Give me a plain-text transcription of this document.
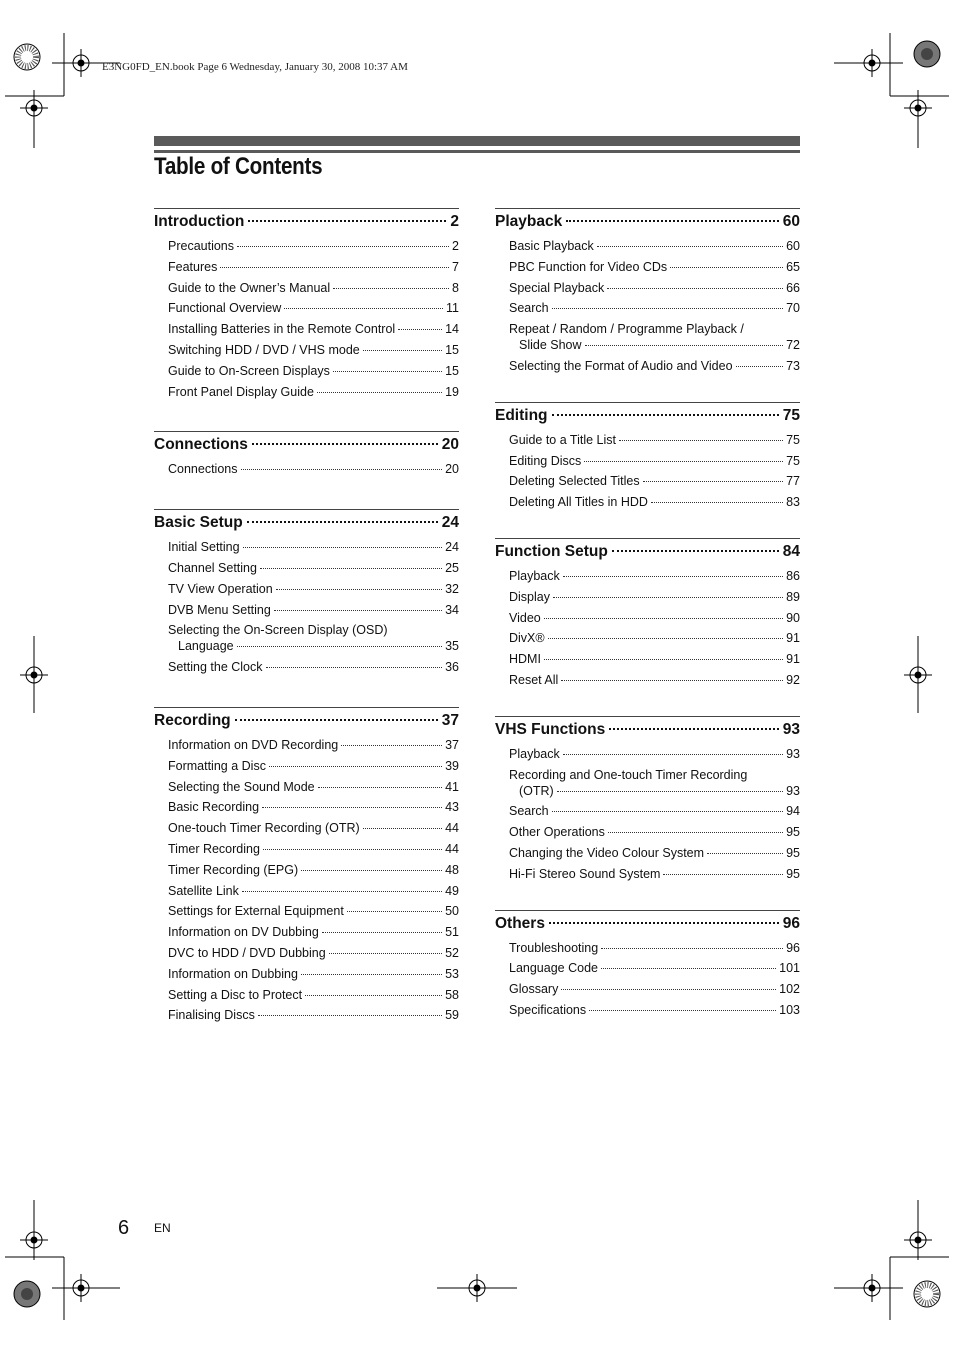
E3NG0FD_EN.book Page 6 Wednesday, January 30, 2008 10:37 AM
Table of Contents
Introduction	2
Precautions	2
Features	7
Guide to the Owner’s Manual	8
Functional Overview	11
Installing Batteries in the Remote Control	14
Switching HDD / DVD / VHS mode	15
Guide to On-Screen Displays	15
Front Panel Display Guide	19
Connections	20
Connections	20
Basic Setup	24
Initial Setting	24
Channel Setting	25
TV View Operation	32
DVB Menu Setting	34
Selecting the On-Screen Display (OSD)
Language	35
Setting the Clock	36
Recording	37
Information on DVD Recording	37
Formatting a Disc	39
Selecting the Sound Mode	41
Basic Recording	43
One-touch Timer Recording (OTR)	44
Timer Recording	44
Timer Recording (EPG)	48
Satellite Link	49
Settings for External Equipment	50
Information on DV Dubbing	51
DVC to HDD / DVD Dubbing	52
Information on Dubbing	53
Setting a Disc to Protect	58
Finalising Discs	59
Playback	60
Basic Playback	60
PBC Function for Video CDs	65
Special Playback	66
Search	70
Repeat / Random / Programme Playback /
Slide Show	72
Selecting the Format of Audio and Video	73
Editing	75
Guide to a Title List	75
Editing Discs	75
Deleting Selected Titles	77
Deleting All Titles in HDD	83
Function Setup	84
Playback	86
Display	89
Video	90
DivX®	91
HDMI	91
Reset All	92
VHS Functions	93
Playback	93
Recording and One-touch Timer Recording
(OTR)	93
Search	94
Other Operations	95
Changing the Video Colour System	95
Hi-Fi Stereo Sound System	95
Others	96
Troubleshooting	96
Language Code	101
Glossary	102
Specifications	103
6 EN
